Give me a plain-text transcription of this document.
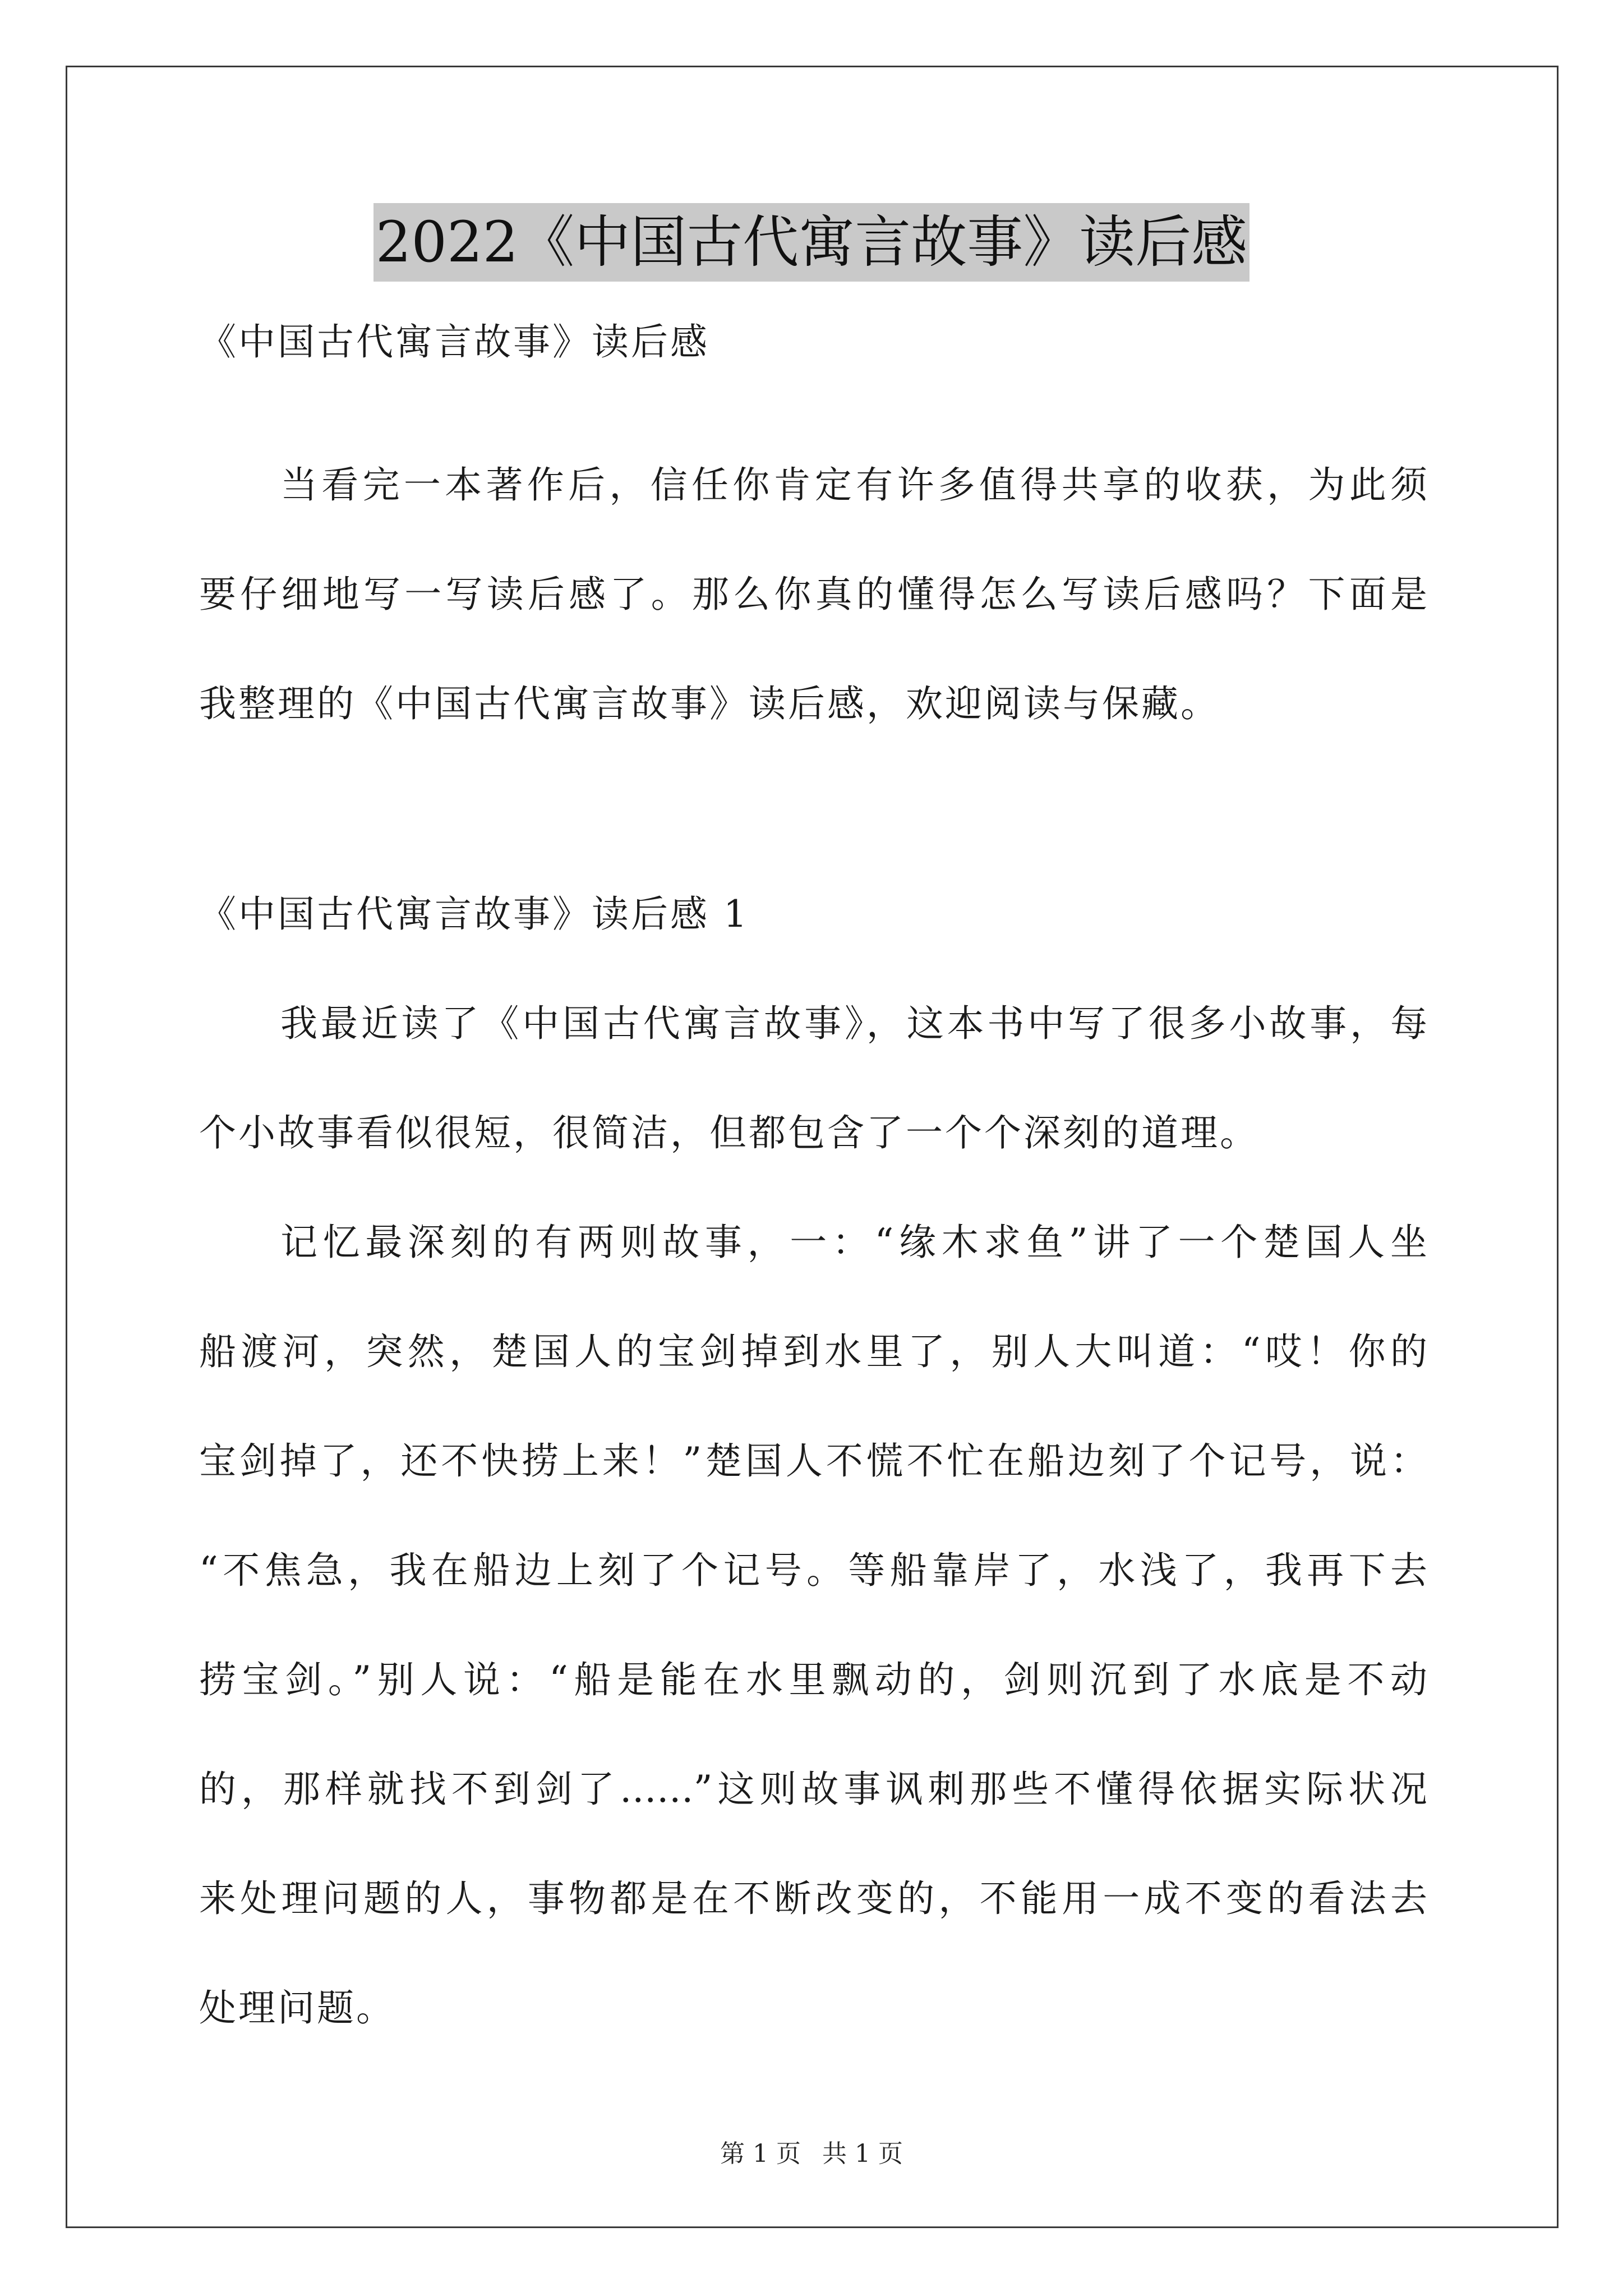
2022《中国古代寓言故事》读后感
《中国古代寓言故事》读后感
当看完一本著作后，信任你肯定有许多值得共享的收获，为此须
要仔细地写一写读后感了。那么你真的懂得怎么写读后感吗？下面是
我整理的《中国古代寓言故事》读后感，欢迎阅读与保藏。
《中国古代寓言故事》读后感 1
我最近读了《中国古代寓言故事》，这本书中写了很多小故事，每
个小故事看似很短，很简洁，但都包含了一个个深刻的道理。
记忆最深刻的有两则故事，一：“缘木求鱼”讲了一个楚国人坐
船渡河，突然，楚国人的宝剑掉到水里了，别人大叫道：“哎！你的
宝剑掉了，还不快捞上来！”楚国人不慌不忙在船边刻了个记号，说：
“不焦急，我在船边上刻了个记号。等船靠岸了，水浅了，我再下去
捞宝剑。”别人说：“船是能在水里飘动的，剑则沉到了水底是不动
的，那样就找不到剑了……”这则故事讽刺那些不懂得依据实际状况
来处理问题的人，事物都是在不断改变的，不能用一成不变的看法去
处理问题。
第 1 页 共 1 页
